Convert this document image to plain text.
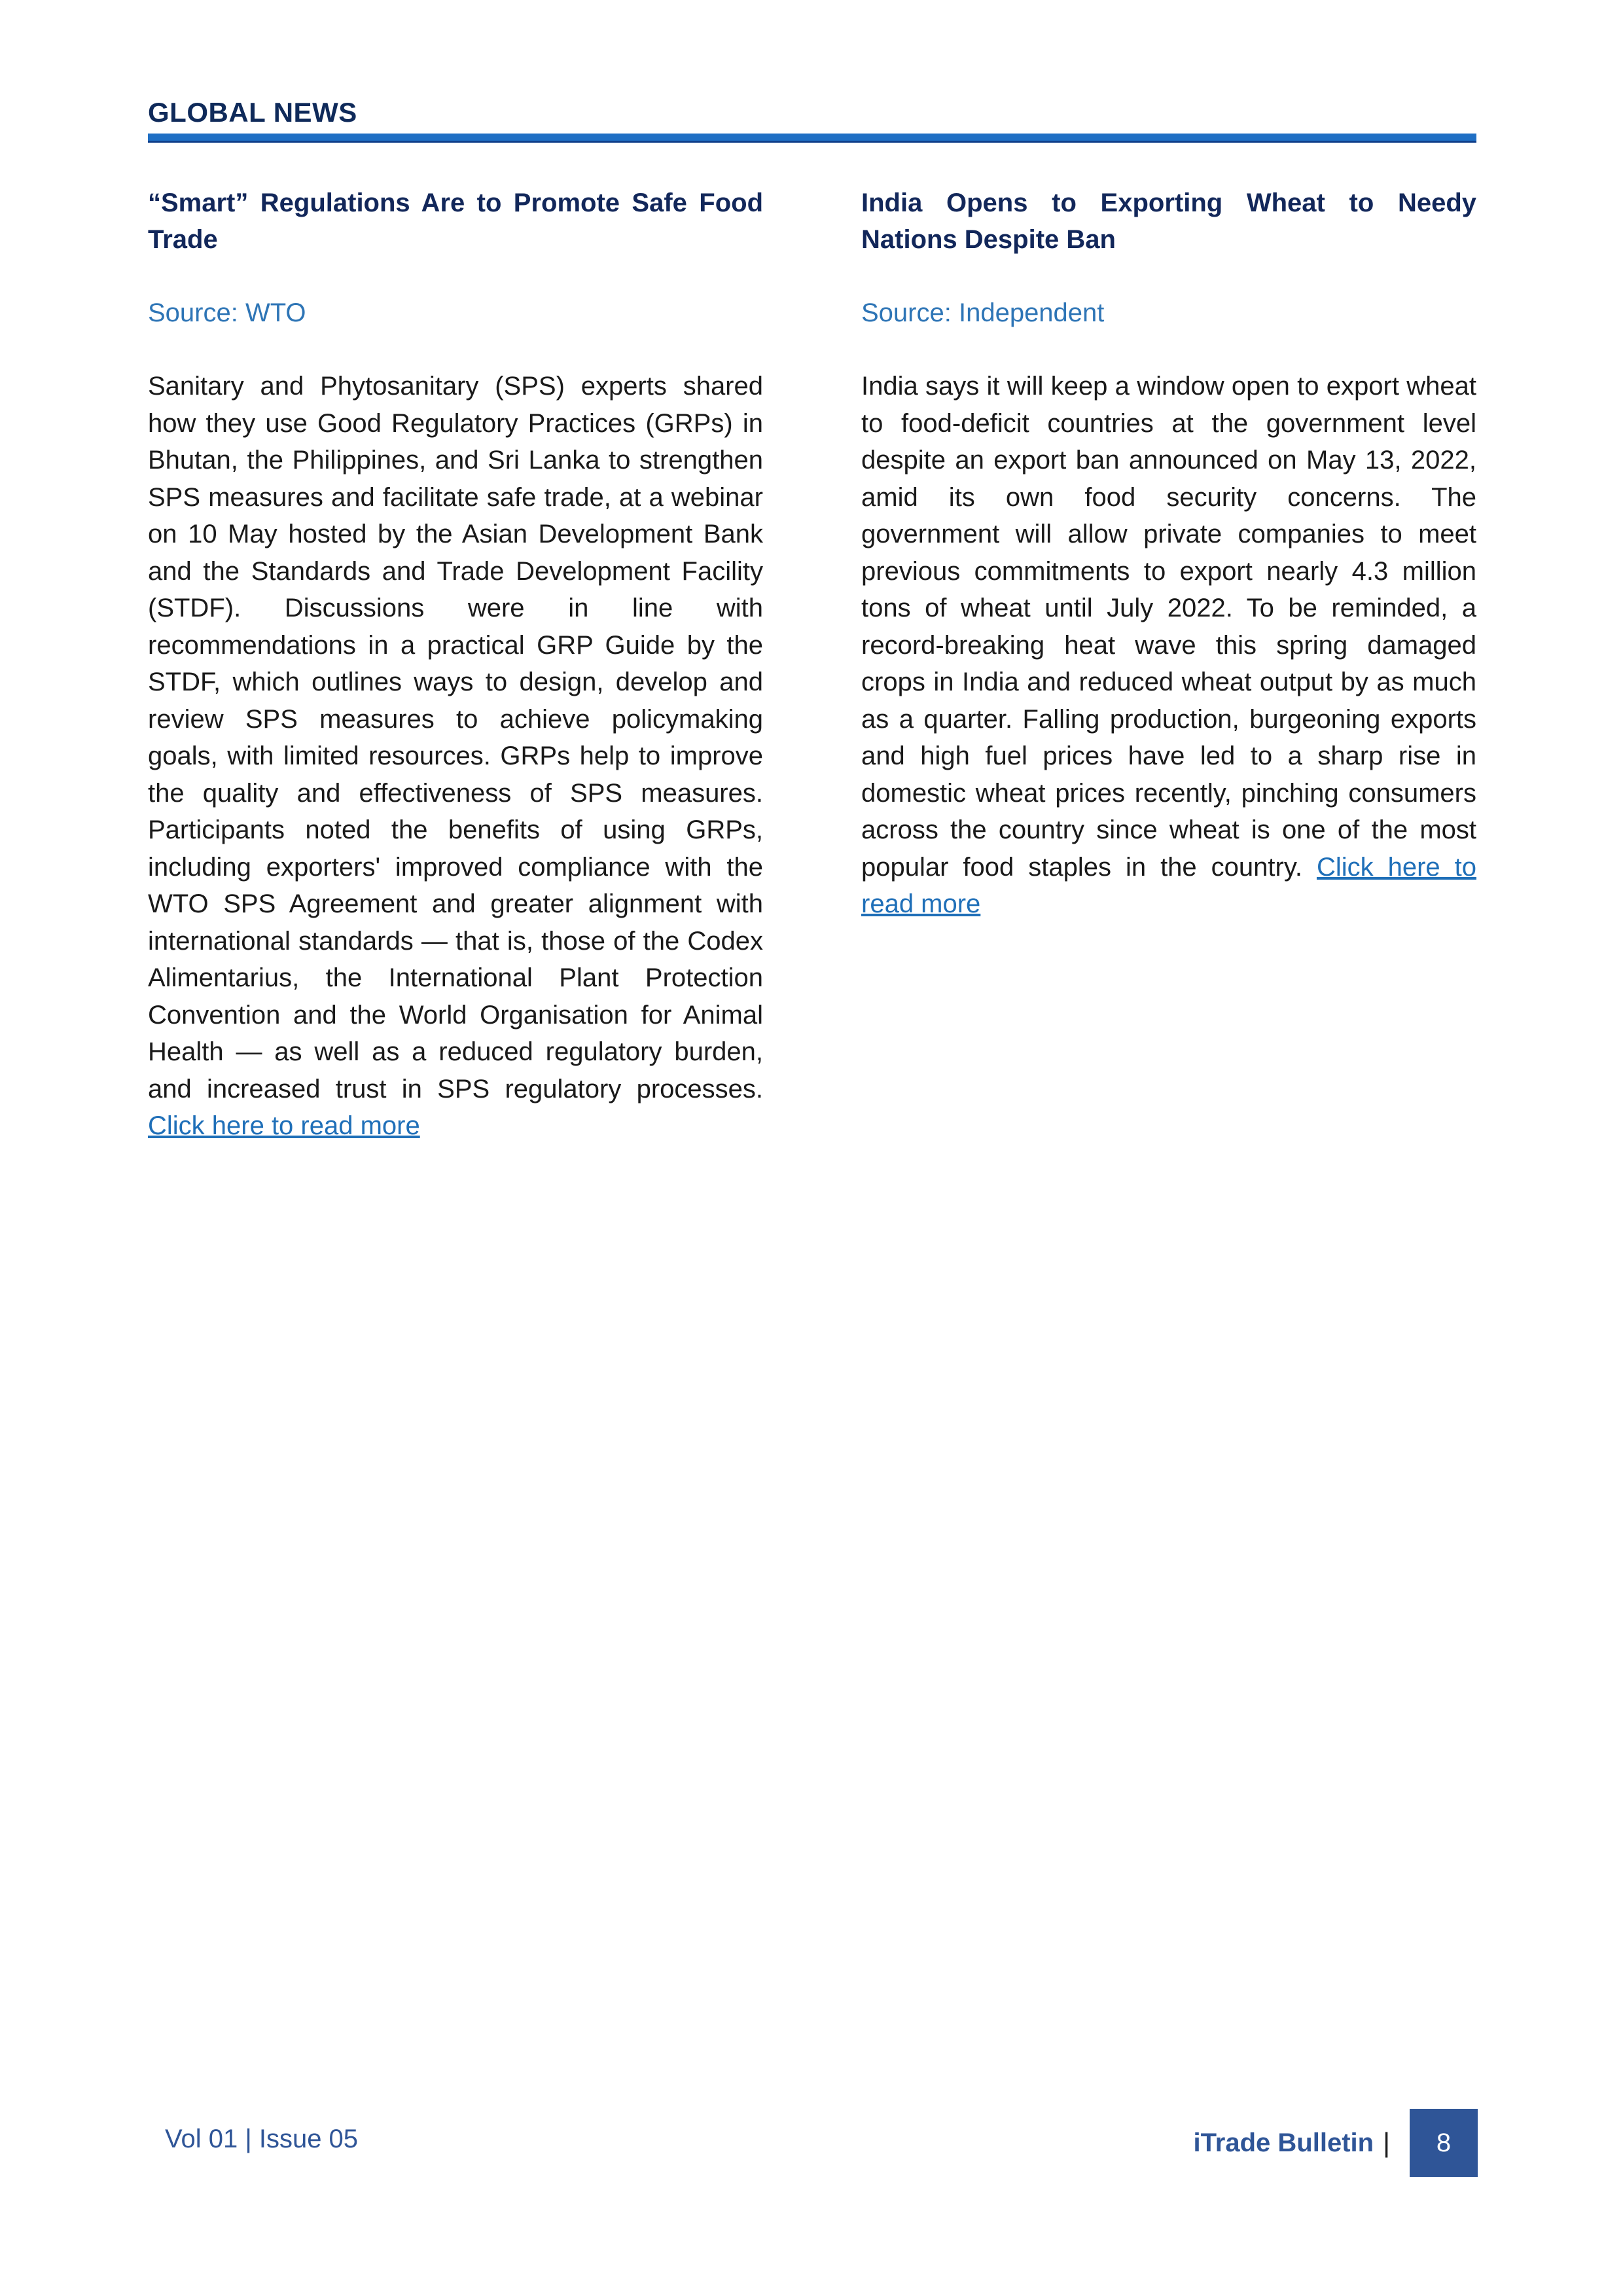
GLOBAL NEWS
“Smart” Regulations Are to Promote Safe Food Trade

Source: WTO

Sanitary and Phytosanitary (SPS) experts shared how they use Good Regulatory Practices (GRPs) in Bhutan, the Philippines, and Sri Lanka to strengthen SPS measures and facilitate safe trade, at a webinar on 10 May hosted by the Asian Development Bank and the Standards and Trade Development Facility (STDF). Discussions were in line with recommendations in a practical GRP Guide by the STDF, which outlines ways to design, develop and review SPS measures to achieve policymaking goals, with limited resources. GRPs help to improve the quality and effectiveness of SPS measures. Participants noted the benefits of using GRPs, including exporters' improved compliance with the WTO SPS Agreement and greater alignment with international standards — that is, those of the Codex Alimentarius, the International Plant Protection Convention and the World Organisation for Animal Health — as well as a reduced regulatory burden, and increased trust in SPS regulatory processes. Click here to read more

India Opens to Exporting Wheat to Needy Nations Despite Ban

Source: Independent

India says it will keep a window open to export wheat to food-deficit countries at the government level despite an export ban announced on May 13, 2022, amid its own food security concerns. The government will allow private companies to meet previous commitments to export nearly 4.3 million tons of wheat until July 2022. To be reminded, a record-breaking heat wave this spring damaged crops in India and reduced wheat output by as much as a quarter. Falling production, burgeoning exports and high fuel prices have led to a sharp rise in domestic wheat prices recently, pinching consumers across the country since wheat is one of the most popular food staples in the country. Click here to read more

Vol 01 | Issue 05	iTrade Bulletin |	8
